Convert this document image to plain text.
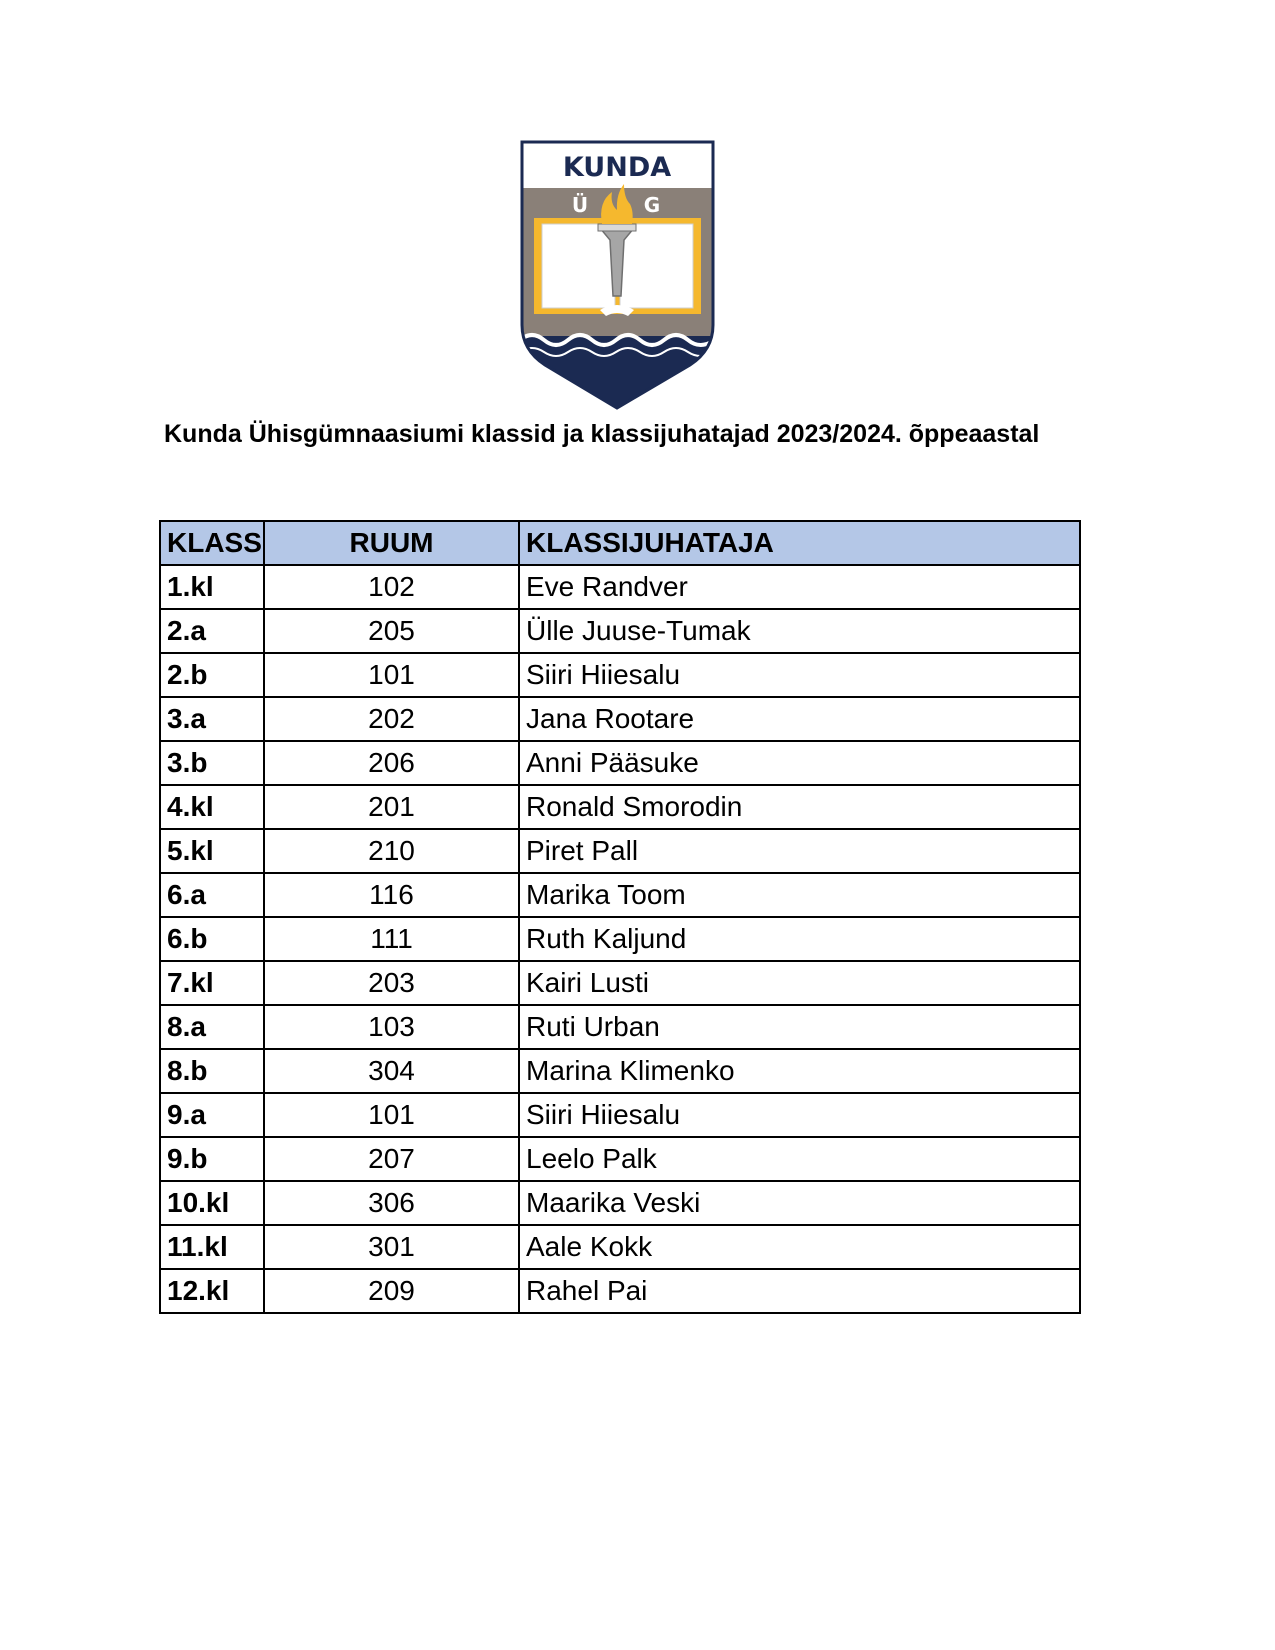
KUNDA
Ü	G
Kunda Ühisgümnaasiumi klassid ja klassijuhatajad 2023/2024. õppeaastal
KLASS	RUUM	KLASSIJUHATAJA
1.kl	102	Eve Randver
2.a	205	Ülle Juuse-Tumak
2.b	101	Siiri Hiiesalu
3.a	202	Jana Rootare
3.b	206	Anni Pääsuke
4.kl	201	Ronald Smorodin
5.kl	210	Piret Pall
6.a	116	Marika Toom
6.b	111	Ruth Kaljund
7.kl	203	Kairi Lusti
8.a	103	Ruti Urban
8.b	304	Marina Klimenko
9.a	101	Siiri Hiiesalu
9.b	207	Leelo Palk
10.kl	306	Maarika Veski
11.kl	301	Aale Kokk
12.kl	209	Rahel Pai
